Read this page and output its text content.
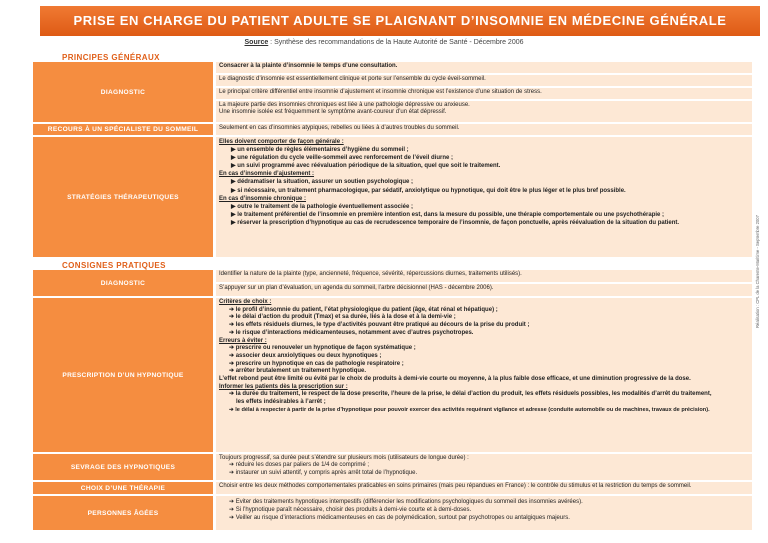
PRISE EN CHARGE DU PATIENT ADULTE SE PLAIGNANT D’INSOMNIE EN MÉDECINE GÉNÉRALE
Source : Synthèse des recommandations de la Haute Autorité de Santé - Décembre 2006
PRINCIPES GÉNÉRAUX
DIAGNOSTIC
Consacrer à la plainte d’insomnie le temps d’une consultation.
Le diagnostic d’insomnie est essentiellement clinique et porte sur l’ensemble du cycle éveil-sommeil.
Le principal critère différentiel entre insomnie d’ajustement et insomnie chronique est l’existence d’une situation de stress.
La majeure partie des insomnies chroniques est liée à une pathologie dépressive ou anxieuse.
Une insomnie isolée est fréquemment le symptôme avant-coureur d’un état dépressif.
RECOURS À UN SPÉCIALISTE DU SOMMEIL	Seulement en cas d’insomnies atypiques, rebelles ou liées à d’autres troubles du sommeil.
STRATÉGIES THÉRAPEUTIQUES
Elles doivent comporter de façon générale :
▶ un ensemble de règles élémentaires d’hygiène du sommeil ;
▶ une régulation du cycle veille-sommeil avec renforcement de l’éveil diurne ;
▶ un suivi programmé avec réévaluation périodique de la situation, quel que soit le traitement.
En cas d’insomnie d’ajustement :
▶ dédramatiser la situation, assurer un soutien psychologique ;
▶ si nécessaire, un traitement pharmacologique, par sédatif, anxiolytique ou hypnotique, qui doit être le plus léger et le plus bref possible.
En cas d’insomnie chronique :
▶ outre le traitement de la pathologie éventuellement associée ;
▶ le traitement préférentiel de l’insomnie en première intention est, dans la mesure du possible, une thérapie comportementale ou une psychothérapie ;
▶ réserver la prescription d’hypnotique au cas de recrudescence temporaire de l’insomnie, de façon ponctuelle, après réévaluation de la situation du patient.
CONSIGNES PRATIQUES
DIAGNOSTIC
Identifier la nature de la plainte (type, ancienneté, fréquence, sévérité, répercussions diurnes, traitements utilisés).
S’appuyer sur un plan d’évaluation, un agenda du sommeil, l’arbre décisionnel (HAS - décembre 2006).
PRESCRIPTION D’UN HYPNOTIQUE
Critères de choix :
➔ le profil d’insomnie du patient, l’état physiologique du patient (âge, état rénal et hépatique) ;
➔ le délai d’action du produit (Tmax) et sa durée, liés à la dose et à la demi-vie ;
➔ les effets résiduels diurnes, le type d’activités pouvant être pratiqué au décours de la prise du produit ;
➔ le risque d’interactions médicamenteuses, notamment avec d’autres psychotropes.
Erreurs à éviter :
➔ prescrire ou renouveler un hypnotique de façon systématique ;
➔ associer deux anxiolytiques ou deux hypnotiques ;
➔ prescrire un hypnotique en cas de pathologie respiratoire ;
➔ arrêter brutalement un traitement hypnotique.
L’effet rebond peut être limité ou évité par le choix de produits à demi-vie courte ou moyenne, à la plus faible dose efficace, et une diminution progressive de la dose.
Informer les patients dès la prescription sur :
➔ la durée du traitement, le respect de la dose prescrite, l’heure de la prise, le délai d’action du produit, les effets résiduels possibles, les modalités d’arrêt du traitement,
les effets indésirables à l’arrêt ;
➔ le délai à respecter à partir de la prise d’hypnotique pour pouvoir exercer des activités requérant vigilance et adresse (conduite automobile ou de machines, travaux de précision).
SEVRAGE DES HYPNOTIQUES
Toujours progressif, sa durée peut s’étendre sur plusieurs mois (utilisateurs de longue durée) :
➔ réduire les doses par paliers de 1/4 de comprimé ;
➔ instaurer un suivi attentif, y compris après arrêt total de l’hypnotique.
CHOIX D’UNE THÉRAPIE	Choisir entre les deux méthodes comportementales praticables en soins primaires (mais peu répandues en France) : le contrôle du stimulus et la restriction du temps de sommeil.
PERSONNES ÂGÉES
➔ Eviter des traitements hypnotiques intempestifs (différencier les modifications psychologiques du sommeil des insomnies avérées).
➔ Si l’hypnotique paraît nécessaire, choisir des produits à demi-vie courte et à demi-doses.
➔ Veiller au risque d’interactions médicamenteuses en cas de polymédication, surtout par psychotropes ou antalgiques majeurs.
Réalisation : CPL de la Charente-Maritime - Septembre 2007
